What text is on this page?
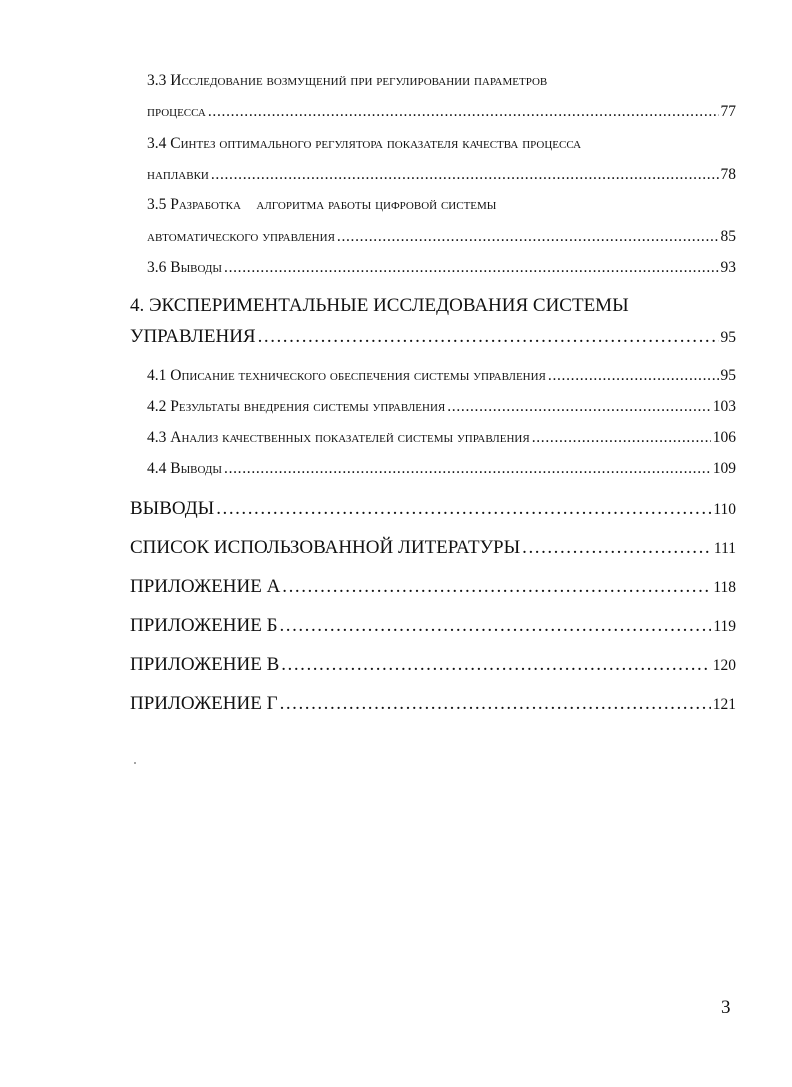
3.3 Исследование возмущений при регулировании параметров
процесса . . .	77
3.4 Синтез оптимального регулятора показателя качества процесса
наплавки . . .	78
3.5 Разработка    алгоритма работы цифровой системы
автоматического управления . . .	85
3.6 Выводы . . .	93
4. ЭКСПЕРИМЕНТАЛЬНЫЕ ИССЛЕДОВАНИЯ СИСТЕМЫ
УПРАВЛЕНИЯ . . .	95
4.1 Описание технического обеспечения системы управления . . .	95
4.2 Результаты внедрения системы управления . . .	103
4.3 Анализ качественных показателей системы управления . . .	106
4.4 Выводы . . .	109
ВЫВОДЫ . . .	110
СПИСОК ИСПОЛЬЗОВАННОЙ ЛИТЕРАТУРЫ . . .	111
ПРИЛОЖЕНИЕ А . . .	118
ПРИЛОЖЕНИЕ Б . . .	119
ПРИЛОЖЕНИЕ В . . .	120
ПРИЛОЖЕНИЕ Г . . .	121
3
